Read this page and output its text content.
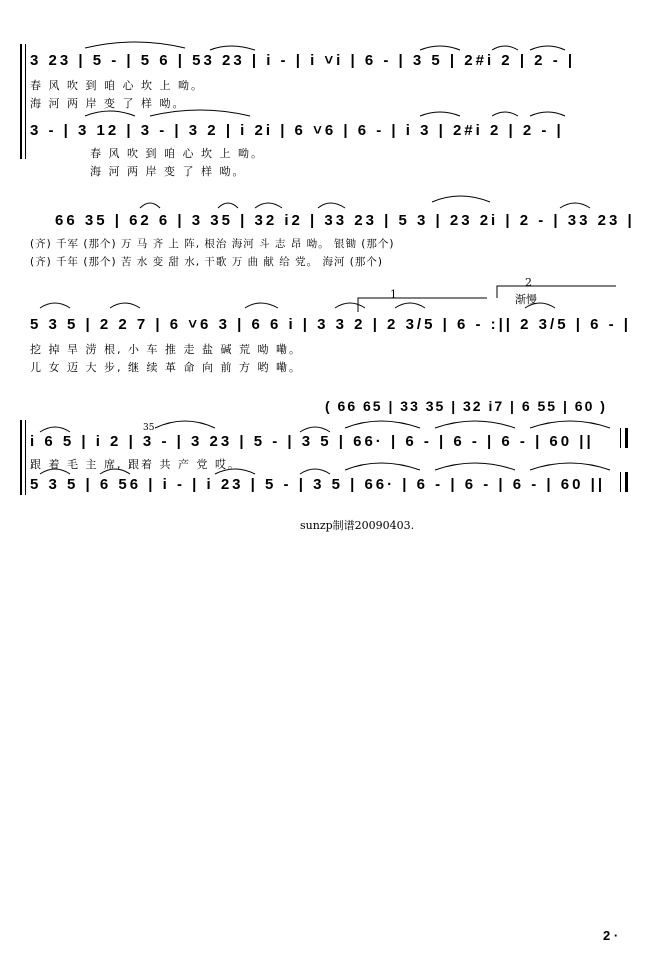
3 23 | 5 - | 5 6 | 53 23 | i - | i ˅i | 6 - | 3 5 | 2#i 2 | 2 - |
春 风 吹 到 咱 心 坎 上 呦。
海 河 两 岸 变 了 样 呦。
3 - | 3 12 | 3 - | 3 2 | i 2i | 6 ˅6 | 6 - | i 3 | 2#i 2 | 2 - |
春 风 吹 到 咱 心 坎 上 呦。
海 河 两 岸 变 了 样 呦。
66 35 | 62 6 | 3 35 | 32 i2 | 33 23 | 5 3 | 23 2i | 2 - | 33 23 |
(齐) 千军 (那个) 万 马 齐 上 阵, 根治 海河 斗 志 昂 呦。 银锄 (那个)
(齐) 千年 (那个) 苦 水 变 甜 水, 干歌 万 曲 献 给 党。 海河 (那个)
1
2
渐慢
5 3 5 | 2 2 7 | 6 ˅6 3 | 6 6 i | 3 3 2 | 2 3/5 | 6 - :|| 2 3/5 | 6 - |
挖 掉 旱 涝 根, 小 车 推 走 盐 碱 荒 呦 嘞。
儿 女 迈 大 步, 继 续 革 命 向 前 方 哟 嘞。
( 66 65 | 33 35 | 32 i7 | 6 55 | 60 )
35
i 6 5 | i 2 | 3 - | 3 23 | 5 - | 3 5 | 66· | 6 - | 6 - | 6 - | 60 ||
跟 着 毛 主 席, 跟着 共 产 党 哎。
5 3 5 | 6 56 | i - | i 23 | 5 - | 3 5 | 66· | 6 - | 6 - | 6 - | 60 ||
sunzp制谱20090403.
2 ·
